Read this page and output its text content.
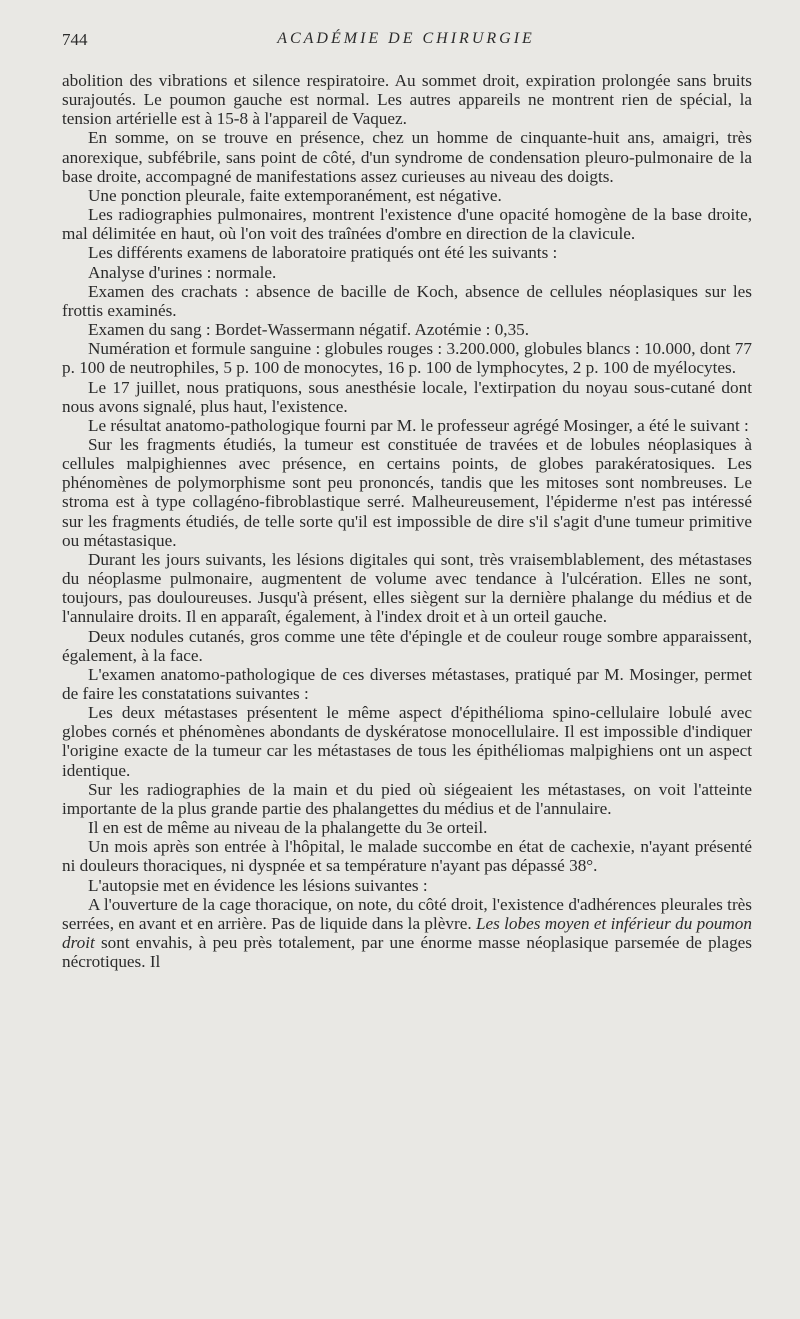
744	ACADÉMIE DE CHIRURGIE

abolition des vibrations et silence respiratoire. Au sommet droit, expiration prolongée sans bruits surajoutés. Le poumon gauche est normal. Les autres appareils ne montrent rien de spécial, la tension artérielle est à 15-8 à l'appareil de Vaquez.

En somme, on se trouve en présence, chez un homme de cinquante-huit ans, amaigri, très anorexique, subfébrile, sans point de côté, d'un syndrome de condensation pleuro-pulmonaire de la base droite, accompagné de manifestations assez curieuses au niveau des doigts.

Une ponction pleurale, faite extemporanément, est négative.

Les radiographies pulmonaires, montrent l'existence d'une opacité homogène de la base droite, mal délimitée en haut, où l'on voit des traînées d'ombre en direction de la clavicule.

Les différents examens de laboratoire pratiqués ont été les suivants :

Analyse d'urines : normale.

Examen des crachats : absence de bacille de Koch, absence de cellules néoplasiques sur les frottis examinés.

Examen du sang : Bordet-Wassermann négatif. Azotémie : 0,35.

Numération et formule sanguine : globules rouges : 3.200.000, globules blancs : 10.000, dont 77 p. 100 de neutrophiles, 5 p. 100 de monocytes, 16 p. 100 de lymphocytes, 2 p. 100 de myélocytes.

Le 17 juillet, nous pratiquons, sous anesthésie locale, l'extirpation du noyau sous-cutané dont nous avons signalé, plus haut, l'existence.

Le résultat anatomo-pathologique fourni par M. le professeur agrégé Mosinger, a été le suivant :

Sur les fragments étudiés, la tumeur est constituée de travées et de lobules néoplasiques à cellules malpighiennes avec présence, en certains points, de globes parakératosiques. Les phénomènes de polymorphisme sont peu prononcés, tandis que les mitoses sont nombreuses. Le stroma est à type collagéno-fibroblastique serré. Malheureusement, l'épiderme n'est pas intéressé sur les fragments étudiés, de telle sorte qu'il est impossible de dire s'il s'agit d'une tumeur primitive ou métastasique.

Durant les jours suivants, les lésions digitales qui sont, très vraisemblablement, des métastases du néoplasme pulmonaire, augmentent de volume avec tendance à l'ulcération. Elles ne sont, toujours, pas douloureuses. Jusqu'à présent, elles siègent sur la dernière phalange du médius et de l'annulaire droits. Il en apparaît, également, à l'index droit et à un orteil gauche.

Deux nodules cutanés, gros comme une tête d'épingle et de couleur rouge sombre apparaissent, également, à la face.

L'examen anatomo-pathologique de ces diverses métastases, pratiqué par M. Mosinger, permet de faire les constatations suivantes :

Les deux métastases présentent le même aspect d'épithélioma spino-cellulaire lobulé avec globes cornés et phénomènes abondants de dyskératose monocellulaire. Il est impossible d'indiquer l'origine exacte de la tumeur car les métastases de tous les épithéliomas malpighiens ont un aspect identique.

Sur les radiographies de la main et du pied où siégeaient les métastases, on voit l'atteinte importante de la plus grande partie des phalangettes du médius et de l'annulaire.

Il en est de même au niveau de la phalangette du 3e orteil.

Un mois après son entrée à l'hôpital, le malade succombe en état de cachexie, n'ayant présenté ni douleurs thoraciques, ni dyspnée et sa température n'ayant pas dépassé 38°.

L'autopsie met en évidence les lésions suivantes :

A l'ouverture de la cage thoracique, on note, du côté droit, l'existence d'adhérences pleurales très serrées, en avant et en arrière. Pas de liquide dans la plèvre. Les lobes moyen et inférieur du poumon droit sont envahis, à peu près totalement, par une énorme masse néoplasique parsemée de plages nécrotiques. Il
